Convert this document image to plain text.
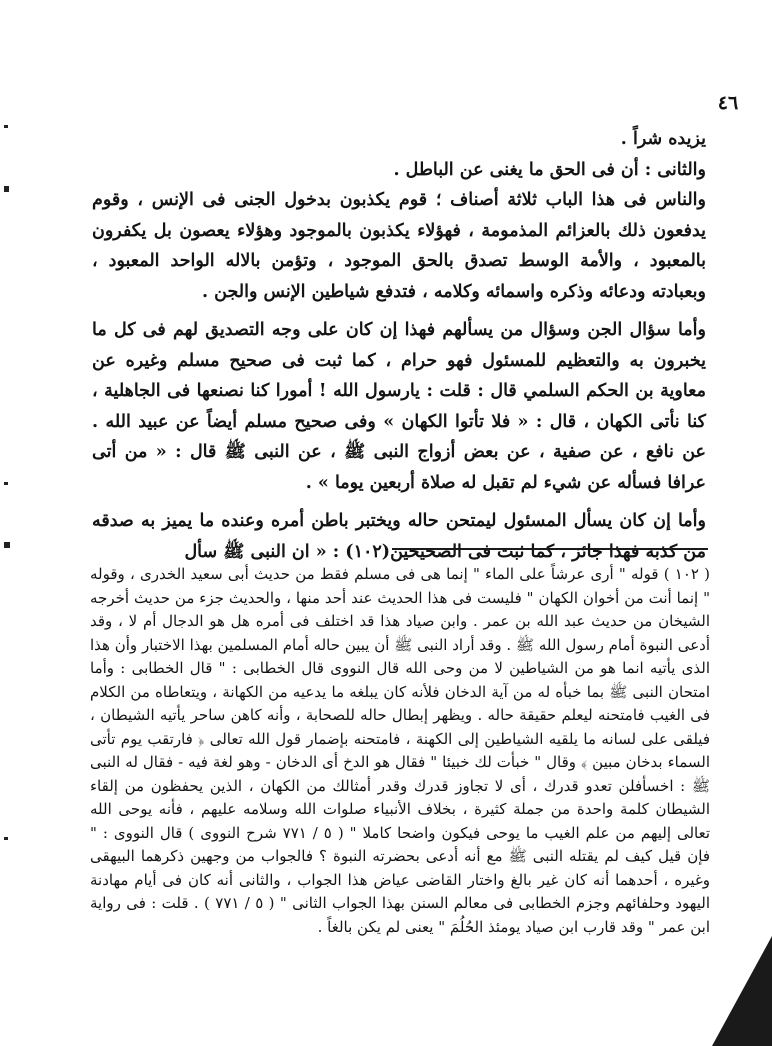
٤٦

يزيده شراً .

والثانى : أن فى الحق ما يغنى عن الباطل .

والناس فى هذا الباب ثلاثة أصناف ؛ قوم يكذبون بدخول الجنى فى الإنس ، وقوم يدفعون ذلك بالعزائم المذمومة ، فهؤلاء يكذبون بالموجود وهؤلاء يعصون بل يكفرون بالمعبود ، والأمة الوسط تصدق بالحق الموجود ، وتؤمن بالاله الواحد المعبود ، وبعبادته ودعائه وذكره واسمائه وكلامه ، فتدفع شياطين الإنس والجن .

وأما سؤال الجن وسؤال من يسألهم فهذا إن كان على وجه التصديق لهم فى كل ما يخبرون به والتعظيم للمسئول فهو حرام ، كما ثبت فى صحيح مسلم وغيره عن معاوية بن الحكم السلمي قال : قلت : يارسول الله ! أمورا كنا نصنعها فى الجاهلية ، كنا نأتى الكهان ، قال : « فلا تأتوا الكهان » وفى صحيح مسلم أيضاً عن عبيد الله . عن نافع ، عن صفية ، عن بعض أزواج النبى ﷺ ، عن النبى ﷺ قال : « من أتى عرافا فسأله عن شيء لم تقبل له صلاة أربعين يوما » .

وأما إن كان يسأل المسئول ليمتحن حاله ويختبر باطن أمره وعنده ما يميز به صدقه من كذبه فهذا جائز ، كما ثبت فى الصحيحين(١٠٢) : « ان النبى ﷺ سأل

( ١٠٢ ) قوله " أرى عرشاً على الماء " إنما هى فى مسلم فقط من حديث أبى سعيد الخدرى ، وقوله " إنما أنت من أخوان الكهان " فليست فى هذا الحديث عند أحد منها ، والحديث جزء من حديث أخرجه الشيخان من حديث عبد الله بن عمر . وابن صياد هذا قد اختلف فى أمره هل هو الدجال أم لا ، وقد أدعى النبوة أمام رسول الله ﷺ . وقد أراد النبى ﷺ أن يبين حاله أمام المسلمين بهذا الاختبار وأن هذا الذى يأتيه انما هو من الشياطين لا من وحى الله قال النووى قال الخطابى : " قال الخطابى : وأما امتحان النبى ﷺ بما خبأه له من آية الدخان فلأنه كان يبلغه ما يدعيه من الكهانة ، ويتعاطاه من الكلام فى الغيب فامتحنه ليعلم حقيقة حاله . ويظهر إبطال حاله للصحابة ، وأنه كاهن ساحر يأتيه الشيطان ، فيلقى على لسانه ما يلقيه الشياطين إلى الكهنة ، فامتحنه بإضمار قول الله تعالى ﴿ فارتقب يوم تأتى السماء بدخان مبين ﴾ وقال " خبأت لك خبيئا " فقال هو الدخ أى الدخان - وهو لغة فيه - فقال له النبى ﷺ : اخسأفلن تعدو قدرك ، أى لا تجاوز قدرك وقدر أمثالك من الكهان ، الذين يحفظون من إلقاء الشيطان كلمة واحدة من جملة كثيرة ، بخلاف الأنبياء صلوات الله وسلامه عليهم ، فأنه يوحى الله تعالى إليهم من علم الغيب ما يوحى فيكون واضحا كاملا " ( ٥ / ٧٧١ شرح النووى ) قال النووى : " فإن قيل كيف لم يقتله النبى ﷺ مع أنه أدعى بحضرته النبوة ؟ فالجواب من وجهين ذكرهما البيهقى وغيره ، أحدهما أنه كان غير بالغ واختار القاضى عياض هذا الجواب ، والثانى أنه كان فى أيام مهادنة اليهود وحلفائهم وجزم الخطابى فى معالم السنن بهذا الجواب الثانى " ( ٥ / ٧٧١ ) . قلت : فى رواية ابن عمر " وقد قارب ابن صياد يومئذ الحُلُمَ " يعنى لم يكن بالغاً .
